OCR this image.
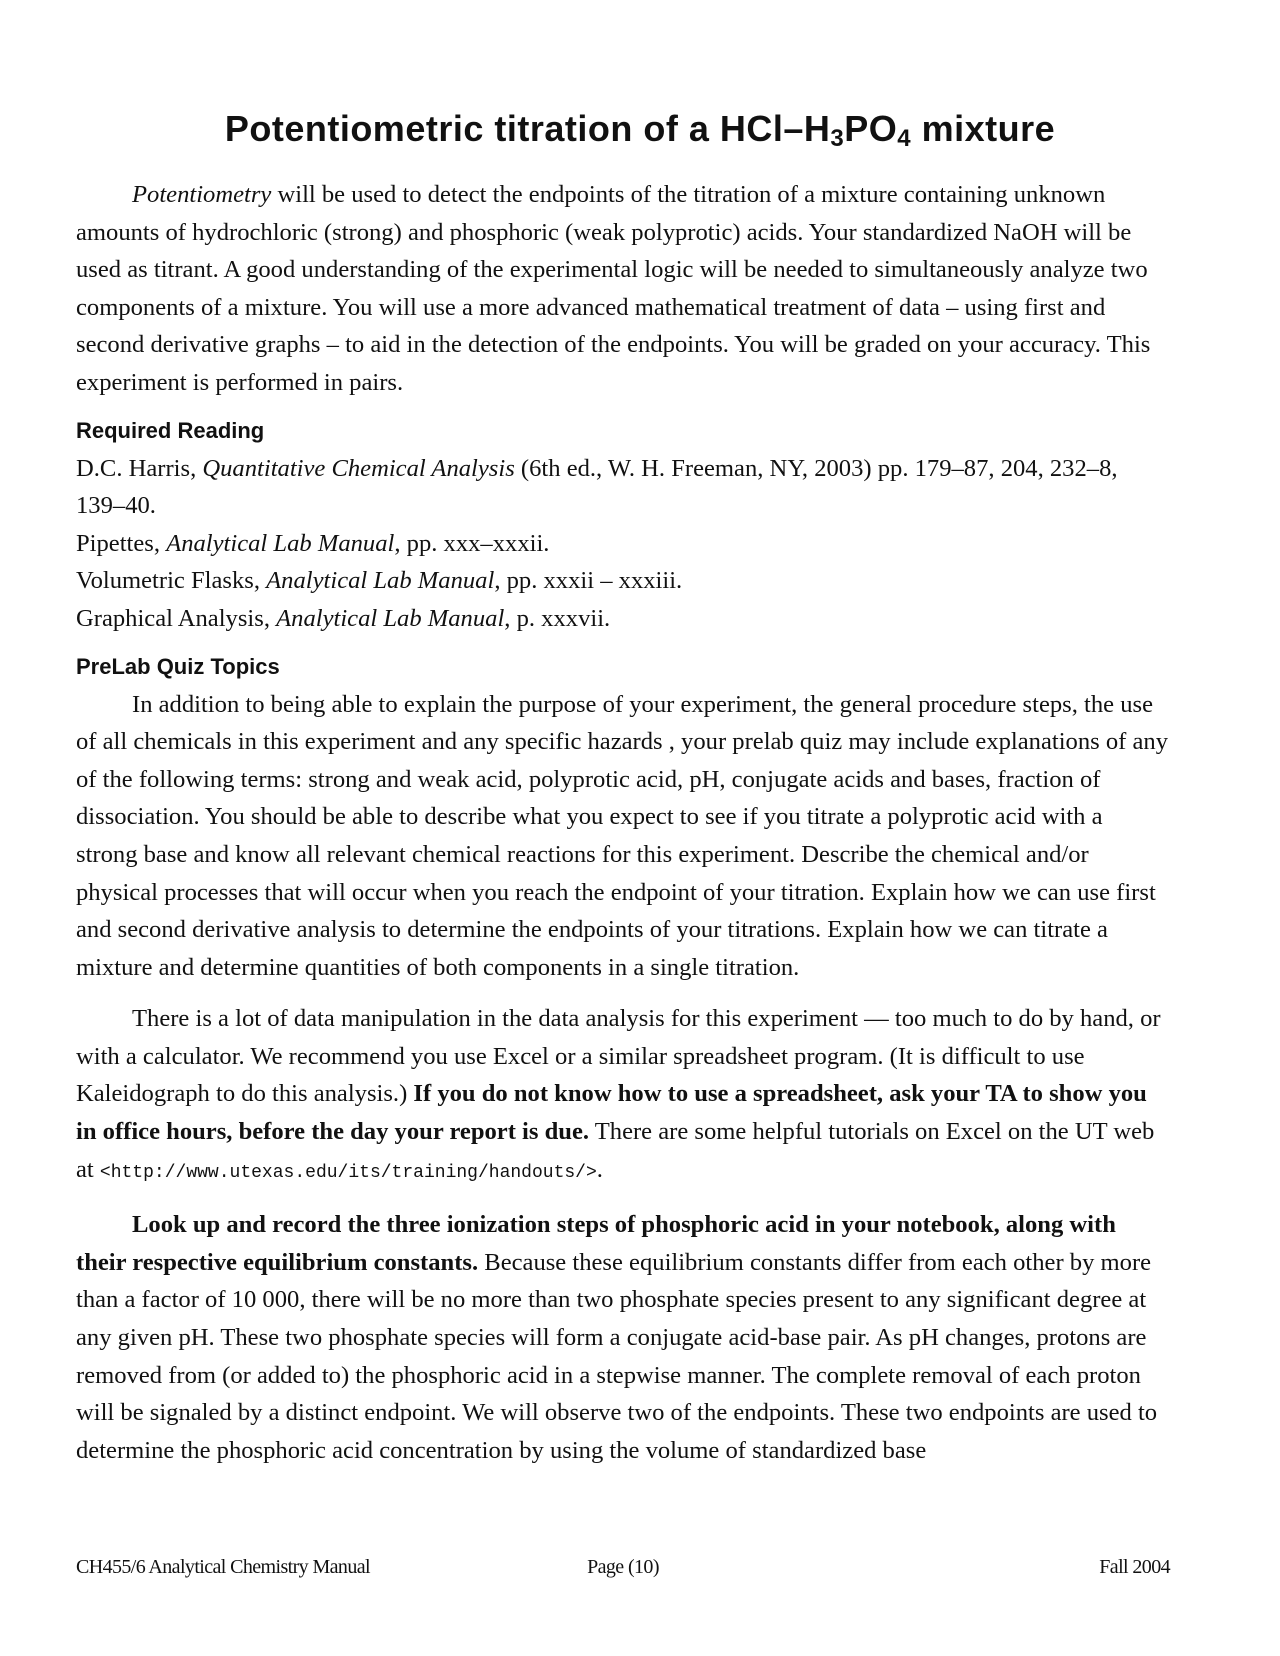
Potentiometric titration of a HCl–$H_3PO_4$ mixture

Potentiometry will be used to detect the endpoints of the titration of a mixture containing unknown amounts of hydrochloric (strong) and phosphoric (weak polyprotic) acids. Your standardized NaOH will be used as titrant. A good understanding of the experimental logic will be needed to simultaneously analyze two components of a mixture. You will use a more advanced mathematical treatment of data – using first and second derivative graphs – to aid in the detection of the endpoints. You will be graded on your accuracy. This experiment is performed in pairs.

Required Reading

D.C. Harris, Quantitative Chemical Analysis (6th ed., W. H. Freeman, NY, 2003) pp. 179–87, 204, 232–8, 139–40.

Pipettes, Analytical Lab Manual, pp. xxx–xxxii.

Volumetric Flasks, Analytical Lab Manual, pp. xxxii – xxxiii.

Graphical Analysis, Analytical Lab Manual, p. xxxvii.

PreLab Quiz Topics

In addition to being able to explain the purpose of your experiment, the general procedure steps, the use of all chemicals in this experiment and any specific hazards , your prelab quiz may include explanations of any of the following terms: strong and weak acid, polyprotic acid, pH, conjugate acids and bases, fraction of dissociation. You should be able to describe what you expect to see if you titrate a polyprotic acid with a strong base and know all relevant chemical reactions for this experiment. Describe the chemical and/or physical processes that will occur when you reach the endpoint of your titration. Explain how we can use first and second derivative analysis to determine the endpoints of your titrations. Explain how we can titrate a mixture and determine quantities of both components in a single titration.

There is a lot of data manipulation in the data analysis for this experiment — too much to do by hand, or with a calculator. We recommend you use Excel or a similar spreadsheet program. (It is difficult to use Kaleidograph to do this analysis.) If you do not know how to use a spreadsheet, ask your TA to show you in office hours, before the day your report is due. There are some helpful tutorials on Excel on the UT web at <http://www.utexas.edu/its/training/handouts/>.

Look up and record the three ionization steps of phosphoric acid in your notebook, along with their respective equilibrium constants. Because these equilibrium constants differ from each other by more than a factor of 10 000, there will be no more than two phosphate species present to any significant degree at any given pH. These two phosphate species will form a conjugate acid-base pair. As pH changes, protons are removed from (or added to) the phosphoric acid in a stepwise manner. The complete removal of each proton will be signaled by a distinct endpoint. We will observe two of the endpoints. These two endpoints are used to determine the phosphoric acid concentration by using the volume of standardized base

CH455/6 Analytical Chemistry Manual	Page (10)	Fall 2004
